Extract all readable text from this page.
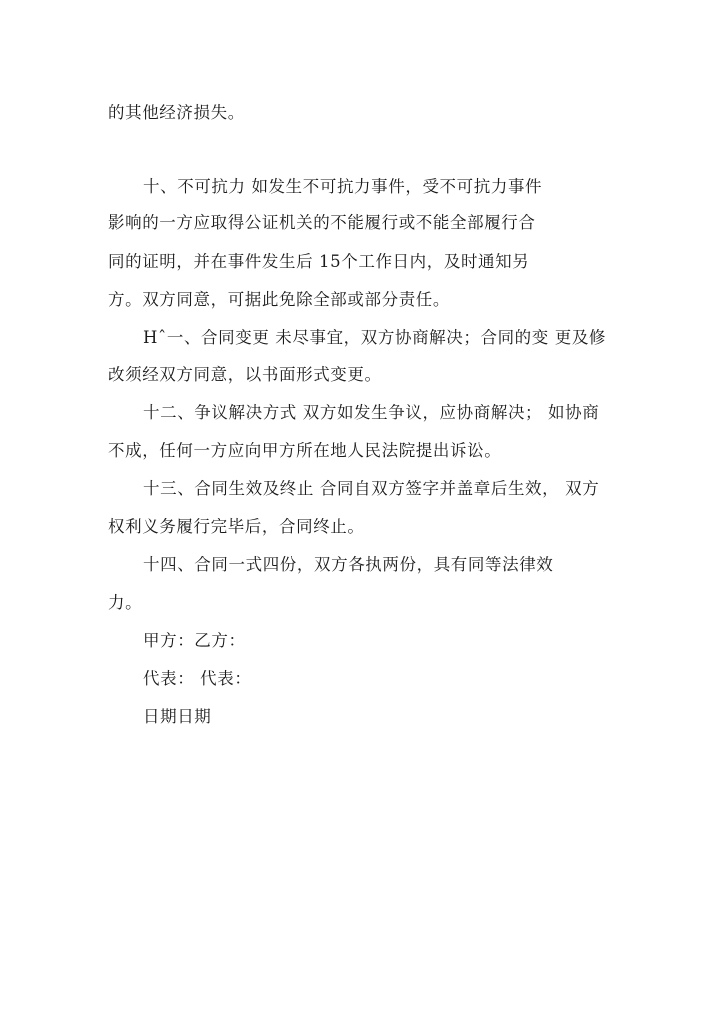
的其他经济损失。
十、不可抗力 如发生不可抗力事件，受不可抗力事件
影响的一方应取得公证机关的不能履行或不能全部履行合
同的证明，并在事件发生后 15个工作日内，及时通知另
方。双方同意，可据此免除全部或部分责任。
Hˆ一、合同变更 未尽事宜，双方协商解决；合同的变 更及修
改须经双方同意，以书面形式变更。
十二、争议解决方式 双方如发生争议，应协商解决； 如协商
不成，任何一方应向甲方所在地人民法院提出诉讼。
十三、合同生效及终止 合同自双方签字并盖章后生效， 双方
权利义务履行完毕后，合同终止。
十四、合同一式四份，双方各执两份，具有同等法律效
力。
甲方：乙方：
代表： 代表：
日期日期
